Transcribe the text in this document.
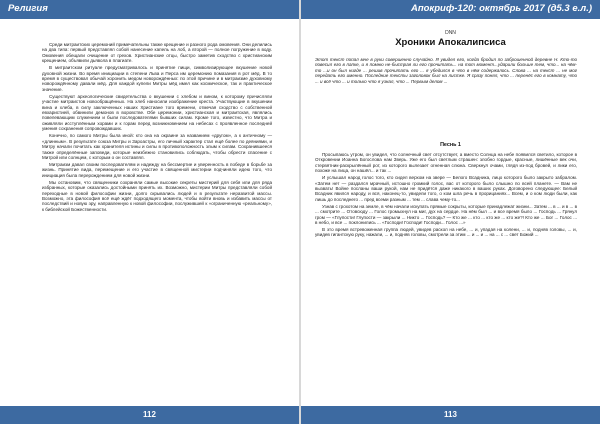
Религия

Среди митраитских церемоний примечательны также крещение и разного рода омовения. Они делились на два типа: первый представлял собой нанесение капель на лоб, а второй — полное погружение в воду. Омовения обещали очищение от грехов. Христианские отцы, быстро заметив сходство с христианским крещением, объявили дьявола в плагиате.

В митраитском ритуале предусматривалось и принятие пищи, символизирующее вкушение новой духовной жизни. Во время инициации в степени Льва и Перса им церемонию помазания в рот мёд. В то время в существовал обычай хоронить медом новорождённых: по этой причине и в митраизме духовному новорождённому давали мёд. Для каждой купели Митры мёд имел как космическое, так и практическое значение.

Существуют археологические свидетельства о вкушении с хлебом и вином, к которому причисляли участие митраистов новообращённых. На хлеб наносили изображение креста. Участвующие в вкушении вина и хлеба, в силу заключенных наших Христиане того времени, отмечая сходство с собственной евхаристией, обвинили демонов в воровстве. Обе церемонии, христианская и митраитская, являлись повелевающим служением и были последователями бывших силам. Кроме того, известно, что Митра и оживляли исступлённым хорами и к горам перед возникновением на небесах с проявленное последней умения сохранения сопровождавших.

Конечно, по самого Митры была иной: кто она на окраине за названием «другом», а к античному — «длинным». В результате союза Митры и Зароастры, его личный характер стал ещё более по деяниями, и Митру начали почитать как хранителя истины и силы в противоположность злым к силам. Сохранившееся также определённые заповеди, которые неизбежно становились соблюдать, чтобы обрести спасение с Митрой или солнцем, с которым о он составлял.

Митраизм давал своим последователям и надежду на бессмертие и уверенность в победе в борьбе за жизнь. Принятие вида, перемещение и его участие в священной мистерии подчиняли идею того, что инициация была перерождением для новой жизни.

Мы остановим, что священники сохраняли самые высокие секреты мистерий для себя или для ряда избранных, которые оказались достойными принять их. Возможно, мистерии Митры представляли собой переходные в новой философии жизни, долго скрывались людей и в результате неразвитой массы. Возможно, эта философия всё ещё ждёт подходящего момента, чтобы войти вновь и избавить массы от последствий и новую эру, направленную к новой философии, послужившей к «ограниченную «реальному», к библейской Божественности.

112
Апокриф-120: октябрь 2017 (д5.3 е.л.)
DNN
Хроники Апокалипсиса
Этот текст попал мне в руки совершенно случайно. Я увидел его, когда бродил по заброшенной деревне Н. Кто-то повесил его в папке, и я помню не-быстрая ли его прочитать... на тот момент...ударили больше тем, что... на чём-то ...и он был нигде ... решив прочитать его ... я убедился в что в нём содержалось. Слова ... на текст ... не мог передать его именно. Последние тексты заголовок был на листке. Я сразу понял, что ... перенёс его в комнату, что ... и всё что ... и только что я узнал, что ... Первым делом ...
Песнь 1

Просыпаюсь утром, он увидел, что солнечный свет отсутствует, а вместо Солнца на небе появился светило, которое в Откровении Иоанна Богослова нам Зверь. Уже его был светлым страшен: злобно гордые, красные, лишённые век очи, стервятник-раскрылённый рот, из которого вылезает огненная слюна. Сверкнул очами, глядя из-под бровей, и лики его, похоже на лица, он нашёл... и так ...

И услышал народ голос того, кто сидел верхом на звере — Белого Всадника, лицо которого было закрыто забралом. «Затем нет — раздался мрачный, истошно громкий голос, вас от которого было слышно по всей планете. — Вам не вызвать! Войне посланы ваши рукой, нам не придётся даже никакого в ваших руках. Договорено следующее: Белый Всадник явился народу, и вся, наконец-то, увидели того, о ком шла речь в прорицаниях... Всем, и о ком люди были, как лишь до последнего ... пред всеми разным ... тем ... слава чему-то...

Узнав с грохотом на земле, в чём начали искупать прямые сокрыты, которые принадлежат жизни... Затем ... в ... и в ... в ... смотрите ... Отовсюду ... Голос громыхнул на миг, дух на сердце. На нём был ... и все время было ... Господь ... Грянул гром — «Глупости! Глупости — закрыли ... Никто ... Господь? — Кто же ... кто ... кто же ... кто же?! Кто же ... Бог ... Голос ... в небо, и все ... поклонились ... «Господи! Господи! Господи... Голос ...»

В это время встревоженная группа людей, увидев раскол на небе, ... и, упадая на колени, ... и, подняв головы, ... и, увидев гигантскую руку, нажали, ... и, подняв головы, смотрели за этим ... и ... и ... на ... с ... свет Божий ...

113
